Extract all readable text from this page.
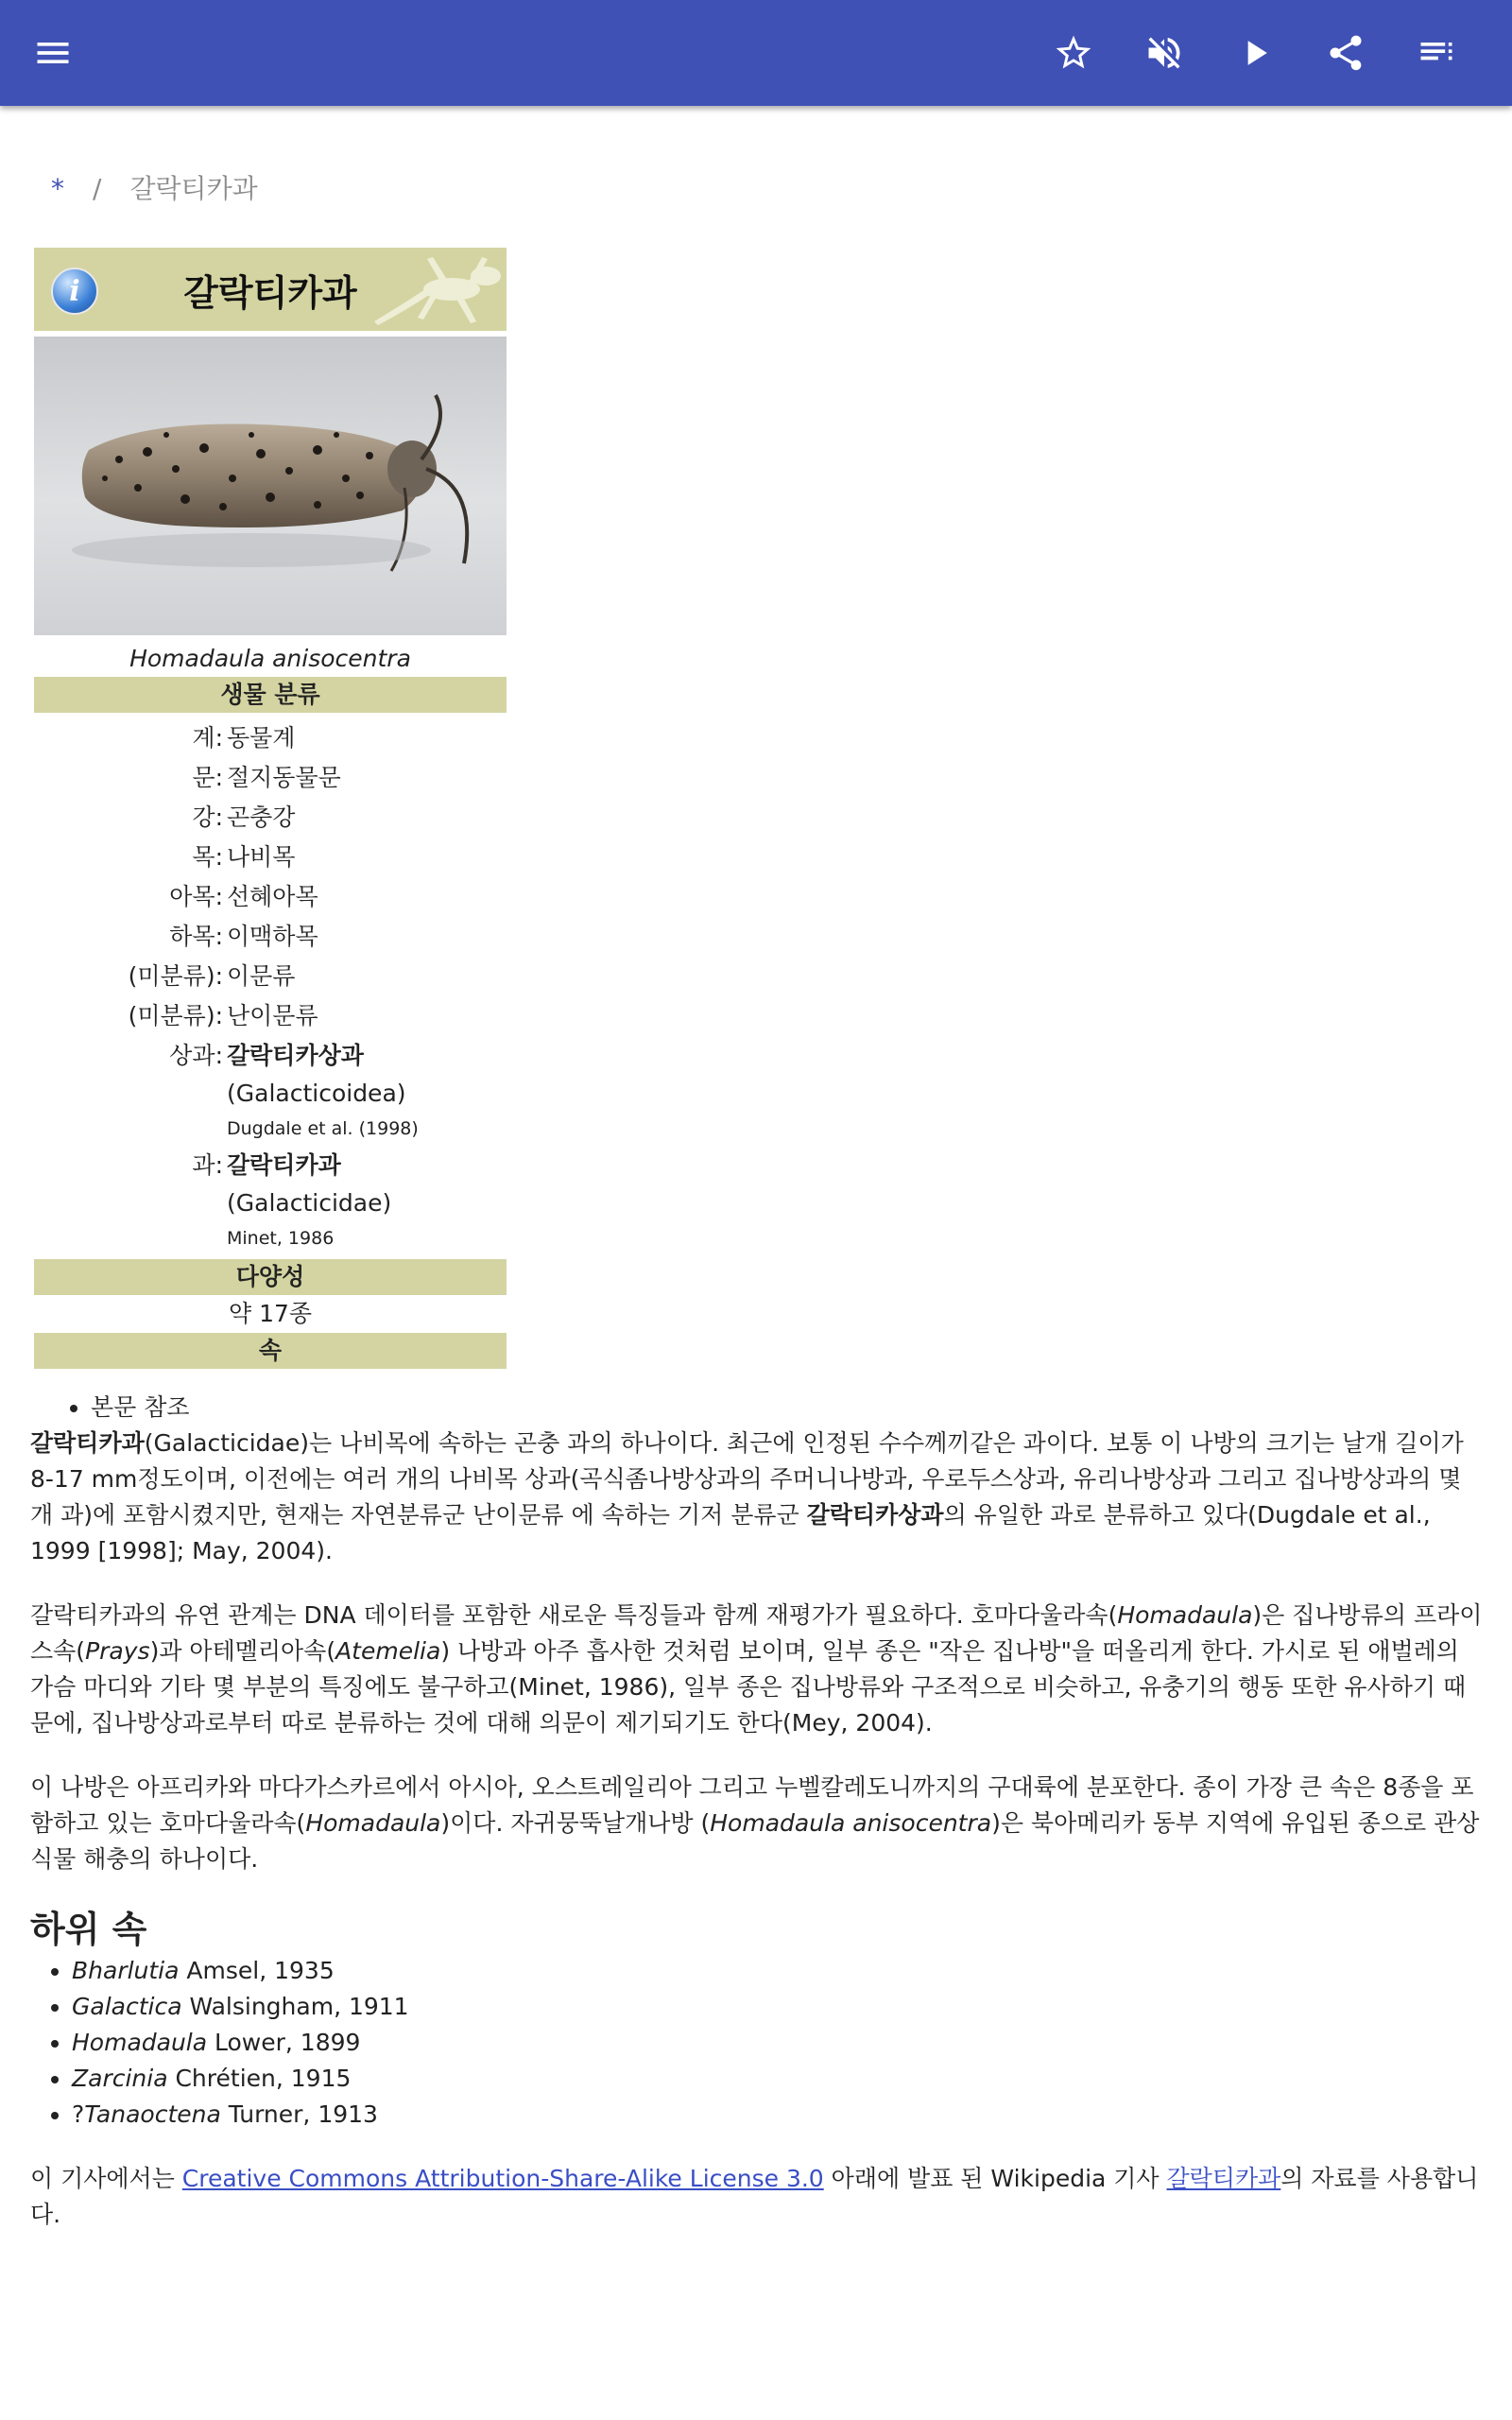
* / 갈락티카과
i	갈락티카과
Homadaula anisocentra
생물 분류
계: 동물계
문: 절지동물문
강: 곤충강
목: 나비목
아목: 선혜아목
하목: 이맥하목
(미분류): 이문류
(미분류): 난이문류
상과: 갈락티카상과
(Galacticoidea)
Dugdale et al. (1998)
과: 갈락티카과
(Galacticidae)
Minet, 1986
다양성
약 17종
속
• 본문 참조

갈락티카과(Galacticidae)는 나비목에 속하는 곤충 과의 하나이다. 최근에 인정된 수수께끼같은 과이다. 보통 이 나방의 크기는 날개 길이가 8-17 mm정도이며, 이전에는 여러 개의 나비목 상과(곡식좀나방상과의 주머니나방과, 우로두스상과, 유리나방상과 그리고 집나방상과의 몇 개 과)에 포함시켰지만, 현재는 자연분류군 난이문류 에 속하는 기저 분류군 갈락티카상과의 유일한 과로 분류하고 있다(Dugdale et al., 1999 [1998]; May, 2004).

갈락티카과의 유연 관계는 DNA 데이터를 포함한 새로운 특징들과 함께 재평가가 필요하다. 호마다울라속(Homadaula)은 집나방류의 프라이스속(Prays)과 아테멜리아속(Atemelia) 나방과 아주 흡사한 것처럼 보이며, 일부 종은 "작은 집나방"을 떠올리게 한다. 가시로 된 애벌레의 가슴 마디와 기타 몇 부분의 특징에도 불구하고(Minet, 1986), 일부 종은 집나방류와 구조적으로 비슷하고, 유충기의 행동 또한 유사하기 때문에, 집나방상과로부터 따로 분류하는 것에 대해 의문이 제기되기도 한다(Mey, 2004).

이 나방은 아프리카와 마다가스카르에서 아시아, 오스트레일리아 그리고 누벨칼레도니까지의 구대륙에 분포한다. 종이 가장 큰 속은 8종을 포함하고 있는 호마다울라속(Homadaula)이다. 자귀뭉뚝날개나방 (Homadaula anisocentra)은 북아메리카 동부 지역에 유입된 종으로 관상식물 해충의 하나이다.

하위 속
• Bharlutia Amsel, 1935
• Galactica Walsingham, 1911
• Homadaula Lower, 1899
• Zarcinia Chrétien, 1915
• ?Tanaoctena Turner, 1913

이 기사에서는 Creative Commons Attribution-Share-Alike License 3.0 아래에 발표 된 Wikipedia 기사 갈락티카과의 자료를 사용합니다.
